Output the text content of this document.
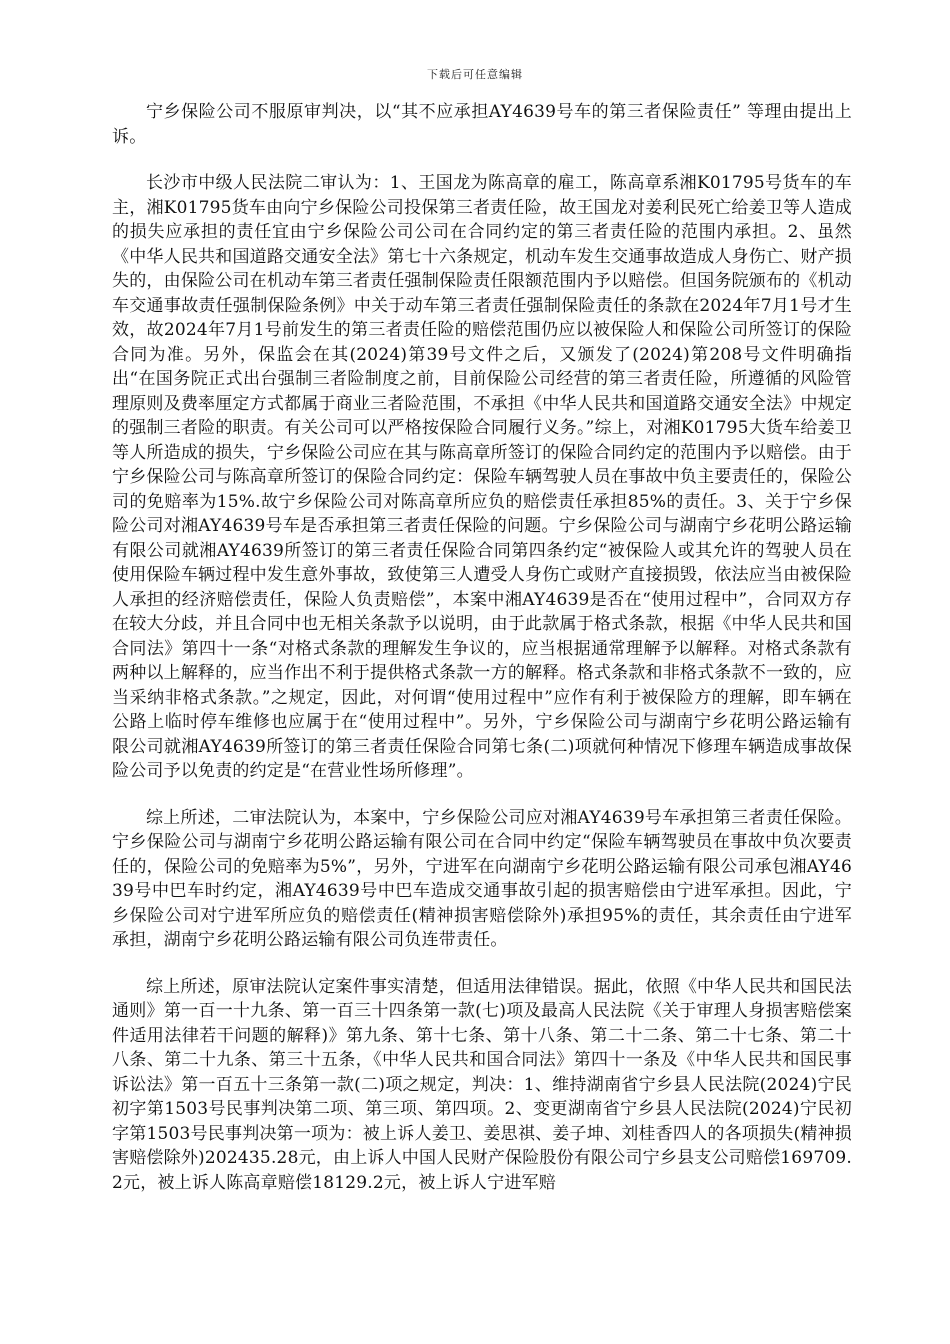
下载后可任意编辑

宁乡保险公司不服原审判决，以“其不应承担AY4639号车的第三者保险责任” 等理由提出上诉。

长沙市中级人民法院二审认为：1、王国龙为陈高章的雇工，陈高章系湘K01795号货车的车主，湘K01795货车由向宁乡保险公司投保第三者责任险，故王国龙对姜利民死亡给姜卫等人造成的损失应承担的责任宜由宁乡保险公司公司在合同约定的第三者责任险的范围内承担。2、虽然《中华人民共和国道路交通安全法》第七十六条规定，机动车发生交通事故造成人身伤亡、财产损失的，由保险公司在机动车第三者责任强制保险责任限额范围内予以赔偿。但国务院颁布的《机动车交通事故责任强制保险条例》中关于动车第三者责任强制保险责任的条款在2024年7月1号才生效，故2024年7月1号前发生的第三者责任险的赔偿范围仍应以被保险人和保险公司所签订的保险合同为准。另外，保监会在其(2024)第39号文件之后，又颁发了(2024)第208号文件明确指出“在国务院正式出台强制三者险制度之前，目前保险公司经营的第三者责任险，所遵循的风险管理原则及费率厘定方式都属于商业三者险范围，不承担《中华人民共和国道路交通安全法》中规定的强制三者险的职责。有关公司可以严格按保险合同履行义务。”综上，对湘K01795大货车给姜卫等人所造成的损失，宁乡保险公司应在其与陈高章所签订的保险合同约定的范围内予以赔偿。由于宁乡保险公司与陈高章所签订的保险合同约定：保险车辆驾驶人员在事故中负主要责任的，保险公司的免赔率为15%.故宁乡保险公司对陈高章所应负的赔偿责任承担85%的责任。3、关于宁乡保险公司对湘AY4639号车是否承担第三者责任保险的问题。宁乡保险公司与湖南宁乡花明公路运输有限公司就湘AY4639所签订的第三者责任保险合同第四条约定“被保险人或其允许的驾驶人员在使用保险车辆过程中发生意外事故，致使第三人遭受人身伤亡或财产直接损毁，依法应当由被保险人承担的经济赔偿责任，保险人负责赔偿”，本案中湘AY4639是否在“使用过程中”，合同双方存在较大分歧，并且合同中也无相关条款予以说明，由于此款属于格式条款，根据《中华人民共和国合同法》第四十一条“对格式条款的理解发生争议的，应当根据通常理解予以解释。对格式条款有两种以上解释的，应当作出不利于提供格式条款一方的解释。格式条款和非格式条款不一致的，应当采纳非格式条款。”之规定，因此，对何谓“使用过程中”应作有利于被保险方的理解，即车辆在公路上临时停车维修也应属于在“使用过程中”。另外，宁乡保险公司与湖南宁乡花明公路运输有限公司就湘AY4639所签订的第三者责任保险合同第七条(二)项就何种情况下修理车辆造成事故保险公司予以免责的约定是“在营业性场所修理”。

综上所述，二审法院认为，本案中，宁乡保险公司应对湘AY4639号车承担第三者责任保险。宁乡保险公司与湖南宁乡花明公路运输有限公司在合同中约定“保险车辆驾驶员在事故中负次要责任的，保险公司的免赔率为5%”，另外，宁进军在向湖南宁乡花明公路运输有限公司承包湘AY4639号中巴车时约定，湘AY4639号中巴车造成交通事故引起的损害赔偿由宁进军承担。因此，宁乡保险公司对宁进军所应负的赔偿责任(精神损害赔偿除外)承担95%的责任，其余责任由宁进军承担，湖南宁乡花明公路运输有限公司负连带责任。

综上所述，原审法院认定案件事实清楚，但适用法律错误。据此，依照《中华人民共和国民法通则》第一百一十九条、第一百三十四条第一款(七)项及最高人民法院《关于审理人身损害赔偿案件适用法律若干问题的解释)》第九条、第十七条、第十八条、第二十二条、第二十七条、第二十八条、第二十九条、第三十五条，《中华人民共和国合同法》第四十一条及《中华人民共和国民事诉讼法》第一百五十三条第一款(二)项之规定，判决：1、维持湖南省宁乡县人民法院(2024)宁民初字第1503号民事判决第二项、第三项、第四项。2、变更湖南省宁乡县人民法院(2024)宁民初字第1503号民事判决第一项为：被上诉人姜卫、姜思祺、姜子坤、刘桂香四人的各项损失(精神损害赔偿除外)202435.28元，由上诉人中国人民财产保险股份有限公司宁乡县支公司赔偿169709.2元，被上诉人陈高章赔偿18129.2元，被上诉人宁进军赔
